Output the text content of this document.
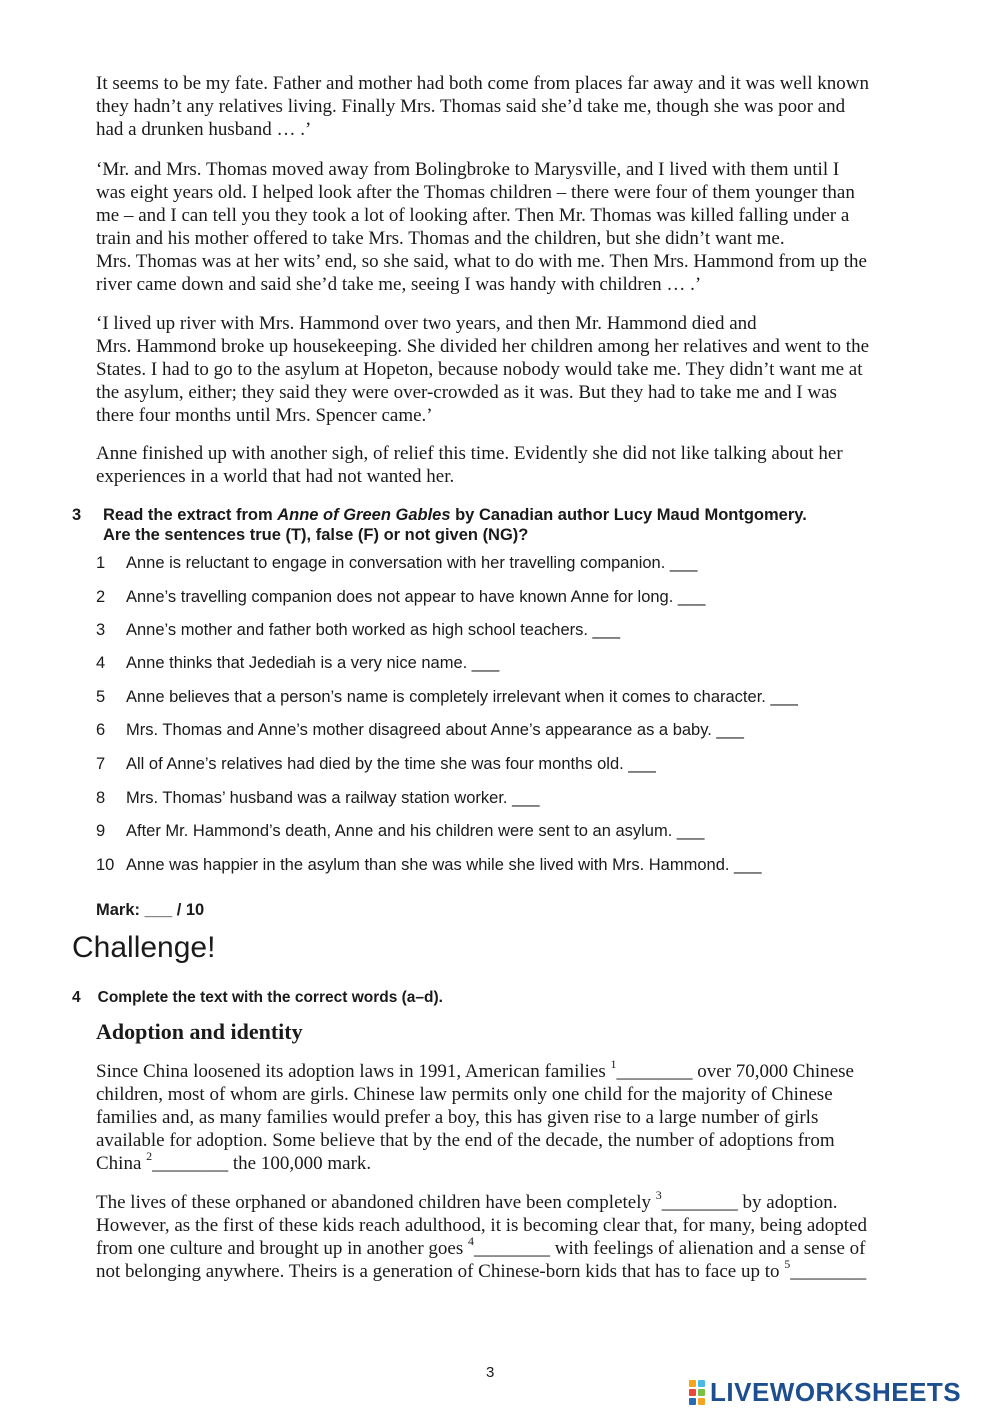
It seems to be my fate. Father and mother had both come from places far away and it was well known
they hadn’t any relatives living. Finally Mrs. Thomas said she’d take me, though she was poor and
had a drunken husband … .’

‘Mr. and Mrs. Thomas moved away from Bolingbroke to Marysville, and I lived with them until I
was eight years old. I helped look after the Thomas children – there were four of them younger than
me – and I can tell you they took a lot of looking after. Then Mr. Thomas was killed falling under a
train and his mother offered to take Mrs. Thomas and the children, but she didn’t want me.
Mrs. Thomas was at her wits’ end, so she said, what to do with me. Then Mrs. Hammond from up the
river came down and said she’d take me, seeing I was handy with children … .’

‘I lived up river with Mrs. Hammond over two years, and then Mr. Hammond died and
Mrs. Hammond broke up housekeeping. She divided her children among her relatives and went to the
States. I had to go to the asylum at Hopeton, because nobody would take me. They didn’t want me at
the asylum, either; they said they were over-crowded as it was. But they had to take me and I was
there four months until Mrs. Spencer came.’

Anne finished up with another sigh, of relief this time. Evidently she did not like talking about her
experiences in a world that had not wanted her.

3 Read the extract from Anne of Green Gables by Canadian author Lucy Maud Montgomery.
Are the sentences true (T), false (F) or not given (NG)?
1 Anne is reluctant to engage in conversation with her travelling companion. ___
2 Anne’s travelling companion does not appear to have known Anne for long. ___
3 Anne’s mother and father both worked as high school teachers. ___
4 Anne thinks that Jedediah is a very nice name. ___
5 Anne believes that a person’s name is completely irrelevant when it comes to character. ___
6 Mrs. Thomas and Anne’s mother disagreed about Anne’s appearance as a baby. ___
7 All of Anne’s relatives had died by the time she was four months old. ___
8 Mrs. Thomas’ husband was a railway station worker. ___
9 After Mr. Hammond’s death, Anne and his children were sent to an asylum. ___
10 Anne was happier in the asylum than she was while she lived with Mrs. Hammond. ___
Mark: ___ / 10
Challenge!
4 Complete the text with the correct words (a–d).
Adoption and identity

Since China loosened its adoption laws in 1991, American families $^1$________ over 70,000 Chinese
children, most of whom are girls. Chinese law permits only one child for the majority of Chinese
families and, as many families would prefer a boy, this has given rise to a large number of girls
available for adoption. Some believe that by the end of the decade, the number of adoptions from
China $^2$________ the 100,000 mark.

The lives of these orphaned or abandoned children have been completely $^3$________ by adoption.
However, as the first of these kids reach adulthood, it is becoming clear that, for many, being adopted
from one culture and brought up in another goes $^4$________ with feelings of alienation and a sense of
not belonging anywhere. Theirs is a generation of Chinese-born kids that has to face up to $^5$________

3
LIVEWORKSHEETS
